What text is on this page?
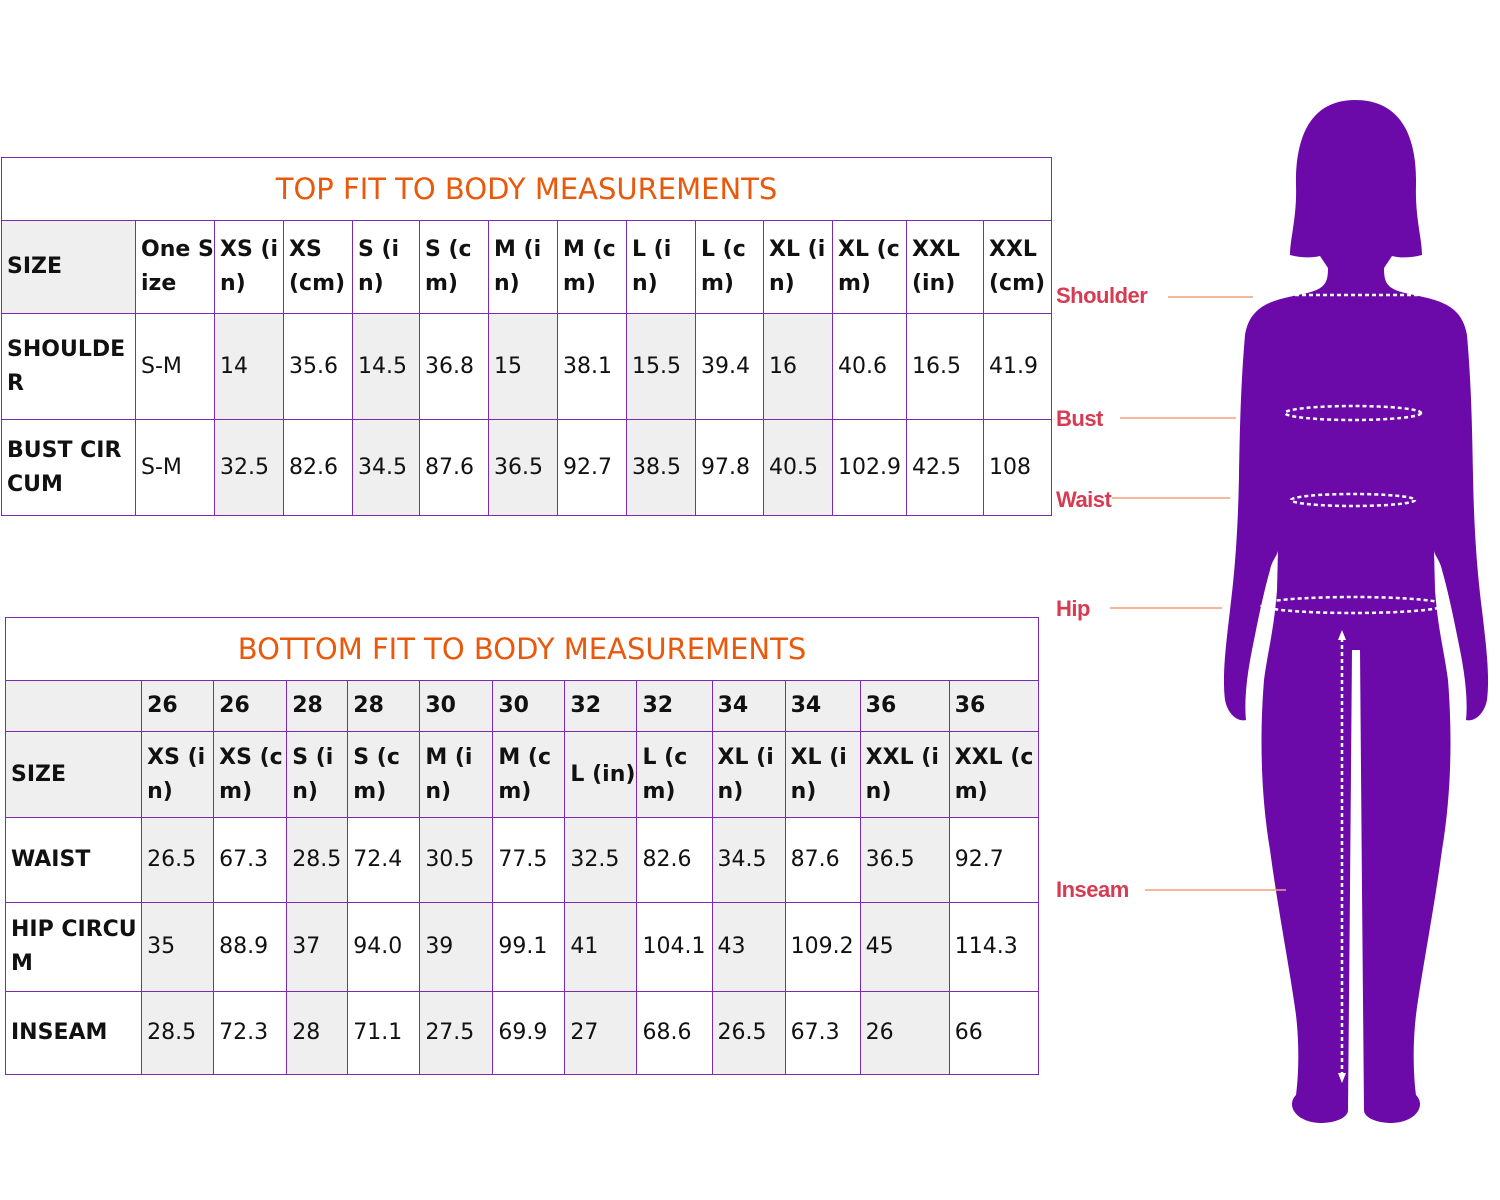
TOP FIT TO BODY MEASUREMENTS													
SIZE	One Size	XS (in)	XS (cm)	S (in)	S (cm)	M (in)	M (cm)	L (in)	L (cm)	XL (in)	XL (cm)	XXL (in)	XXL (cm)
SHOULDER	S-M	14	35.6	14.5	36.8	15	38.1	15.5	39.4	16	40.6	16.5	41.9
BUST CIRCUM	S-M	32.5	82.6	34.5	87.6	36.5	92.7	38.5	97.8	40.5	102.9	42.5	108
BOTTOM FIT TO BODY MEASUREMENTS												
	26	26	28	28	30	30	32	32	34	34	36	36
SIZE	XS (in)	XS (cm)	S (in)	S (cm)	M (in)	M (cm)	L (in)	L (cm)	XL (in)	XL (in)	XXL (in)	XXL (cm)
WAIST	26.5	67.3	28.5	72.4	30.5	77.5	32.5	82.6	34.5	87.6	36.5	92.7
HIP CIRCUM	35	88.9	37	94.0	39	99.1	41	104.1	43	109.2	45	114.3
INSEAM	28.5	72.3	28	71.1	27.5	69.9	27	68.6	26.5	67.3	26	66
Shoulder
Bust
Waist
Hip
Inseam
